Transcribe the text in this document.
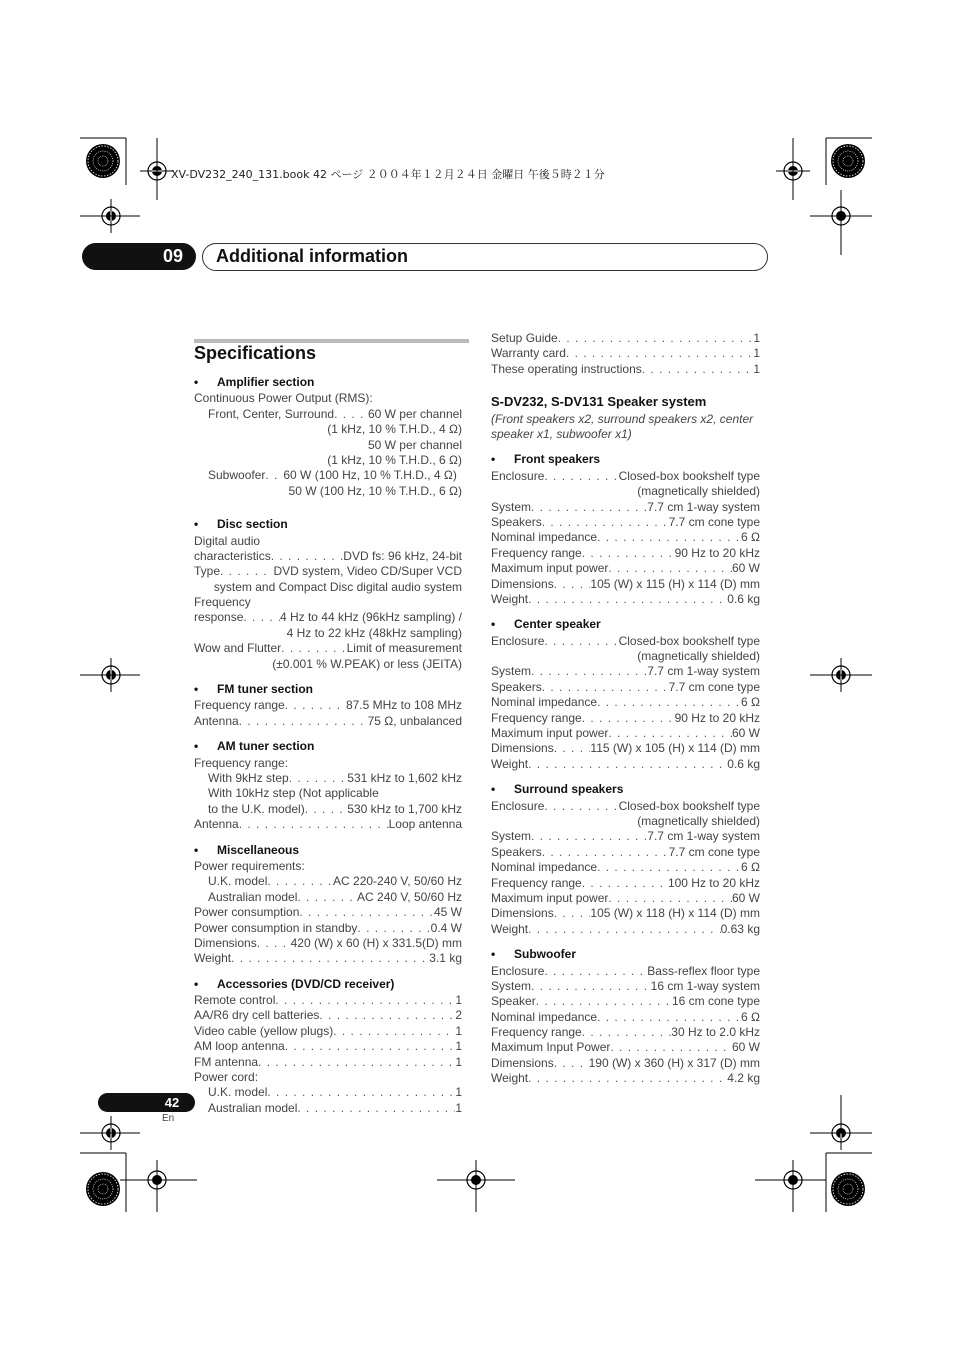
XV-DV232_240_131.book 42 ページ ２００４年１２月２４日 金曜日 午後５時２１分
09	Additional information
Specifications
• Amplifier section
Continuous Power Output (RMS):
Front, Center, Surround . . .	60 W per channel
(1 kHz, 10 % T.H.D., 4 Ω)
50 W per channel
(1 kHz, 10 % T.H.D., 6 Ω)
Subwoofer . . . 60 W (100 Hz, 10 % T.H.D., 4 Ω)
50 W (100 Hz, 10 % T.H.D., 6 Ω)
• Disc section
Digital audio
characteristics . . .	DVD fs: 96 kHz, 24-bit
Type . . .	DVD system, Video CD/Super VCD
system and Compact Disc digital audio system
Frequency
response . . .	4 Hz to 44 kHz (96kHz sampling) /
4 Hz to 22 kHz (48kHz sampling)
Wow and Flutter . . .	Limit of measurement
(±0.001 % W.PEAK) or less (JEITA)
• FM tuner section
Frequency range . . .	87.5 MHz to 108 MHz
Antenna . . .	75 Ω, unbalanced
• AM tuner section
Frequency range:
With 9kHz step . . .	531 kHz to 1,602 kHz
With 10kHz step (Not applicable
to the U.K. model) . . .	530 kHz to 1,700 kHz
Antenna . . .	Loop antenna
• Miscellaneous
Power requirements:
U.K. model . . .	AC 220-240 V, 50/60 Hz
Australian model . . .	AC 240 V, 50/60 Hz
Power consumption . . .	45 W
Power consumption in standby . . .	0.4 W
Dimensions . . .	420 (W) x 60 (H) x 331.5(D) mm
Weight . . .	3.1 kg
• Accessories (DVD/CD receiver)
Remote control . . .	1
AA/R6 dry cell batteries . . .	2
Video cable (yellow plugs) . . .	1
AM loop antenna . . .	1
FM antenna . . .	1
Power cord:
U.K. model . . .	1
Australian model . . .	1
Setup Guide . . .	1
Warranty card . . .	1
These operating instructions . . .	1
S-DV232, S-DV131 Speaker system
(Front speakers x2, surround speakers x2, center speaker x1, subwoofer x1)
• Front speakers
Enclosure . . .	Closed-box bookshelf type
(magnetically shielded)
System . . .	7.7 cm 1-way system
Speakers . . .	7.7 cm cone type
Nominal impedance . . .	6 Ω
Frequency range . . .	90 Hz to 20 kHz
Maximum input power . . .	60 W
Dimensions . . .	105 (W) x 115 (H) x 114 (D) mm
Weight . . .	0.6 kg
• Center speaker
Enclosure . . .	Closed-box bookshelf type
(magnetically shielded)
System . . .	7.7 cm 1-way system
Speakers . . .	7.7 cm cone type
Nominal impedance . . .	6 Ω
Frequency range . . .	90 Hz to 20 kHz
Maximum input power . . .	60 W
Dimensions . . .	115 (W) x 105 (H) x 114 (D) mm
Weight . . .	0.6 kg
• Surround speakers
Enclosure . . .	Closed-box bookshelf type
(magnetically shielded)
System . . .	7.7 cm 1-way system
Speakers . . .	7.7 cm cone type
Nominal impedance . . .	6 Ω
Frequency range . . .	100 Hz to 20 kHz
Maximum input power . . .	60 W
Dimensions . . .	105 (W) x 118 (H) x 114 (D) mm
Weight . . .	0.63 kg
• Subwoofer
Enclosure . . .	Bass-reflex floor type
System . . .	16 cm 1-way system
Speaker . . .	16 cm cone type
Nominal impedance . . .	6 Ω
Frequency range . . .	30 Hz to 2.0 kHz
Maximum Input Power . . .	60 W
Dimensions . . .	190 (W) x 360 (H) x 317 (D) mm
Weight . . .	4.2 kg
42
En
